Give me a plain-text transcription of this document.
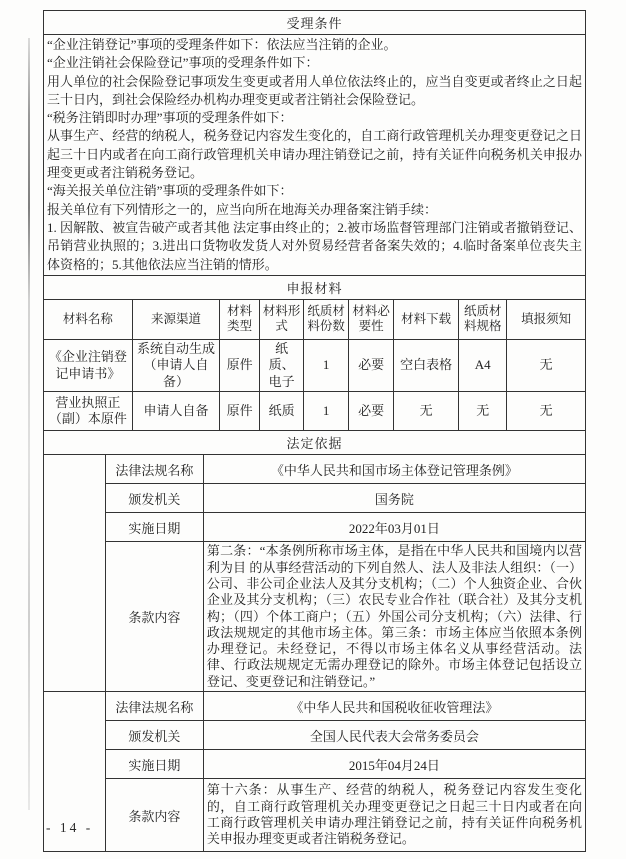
受理条件

“企业注销登记”事项的受理条件如下：依法应当注销的企业。

“企业注销社会保险登记”事项的受理条件如下：

用人单位的社会保险登记事项发生变更或者用人单位依法终止的，应当自变更或者终止之日起三十日内，到社会保险经办机构办理变更或者注销社会保险登记。

“税务注销即时办理”事项的受理条件如下：

从事生产、经营的纳税人，税务登记内容发生变化的，自工商行政管理机关办理变更登记之日起三十日内或者在向工商行政管理机关申请办理注销登记之前，持有关证件向税务机关申报办理变更或者注销税务登记。

“海关报关单位注销”事项的受理条件如下：

报关单位有下列情形之一的，应当向所在地海关办理备案注销手续：

1. 因解散、被宣告破产或者其他 法定事由终止的；2.被市场监督管理部门注销或者撤销登记、吊销营业执照的；3.进出口货物收发货人对外贸易经营者备案失效的；4.临时备案单位丧失主体资格的；5.其他依法应当注销的情形。

申报材料								
材料名称	来源渠道	材料类型	材料形式	纸质材料份数	材料必要性	材料下载	纸质材料规格	填报须知
《企业注销登记申请书》	系统自动生成（申请人自备）	原件	纸质、电子	1	必要	空白表格	A4	无
营业执照正（副）本原件	申请人自备	原件	纸质	1	必要	无	无	无
法定依据		
	法律法规名称	《中华人民共和国市场主体登记管理条例》
	颁发机关	国务院
	实施日期	2022年03月01日
	条款内容	第二条：“本条例所称市场主体，是指在中华人民共和国境内以营利为目 的从事经营活动的下列自然人、法人及非法人组织：（一）公司、非公司企业法人及其分支机构；（二）个人独资企业、合伙企业及其分支机构；（三）农民专业合作社（联合社）及其分支机构；（四）个体工商户；（五）外国公司分支机构；（六）法律、行政法规规定的其他市场主体。第三条：市场主体应当依照本条例办理登记。未经登记，不得以市场主体名义从事经营活动。法律、行政法规规定无需办理登记的除外。市场主体登记包括设立登记、变更登记和注销登记。”
	法律法规名称	《中华人民共和国税收征收管理法》
	颁发机关	全国人民代表大会常务委员会
	实施日期	2015年04月24日
	条款内容	第十六条：从事生产、经营的纳税人，税务登记内容发生变化的，自工商行政管理机关办理变更登记之日起三十日内或者在向工商行政管理机关申请办理注销登记之前，持有关证件向税务机关申报办理变更或者注销税务登记。
- 14 -
